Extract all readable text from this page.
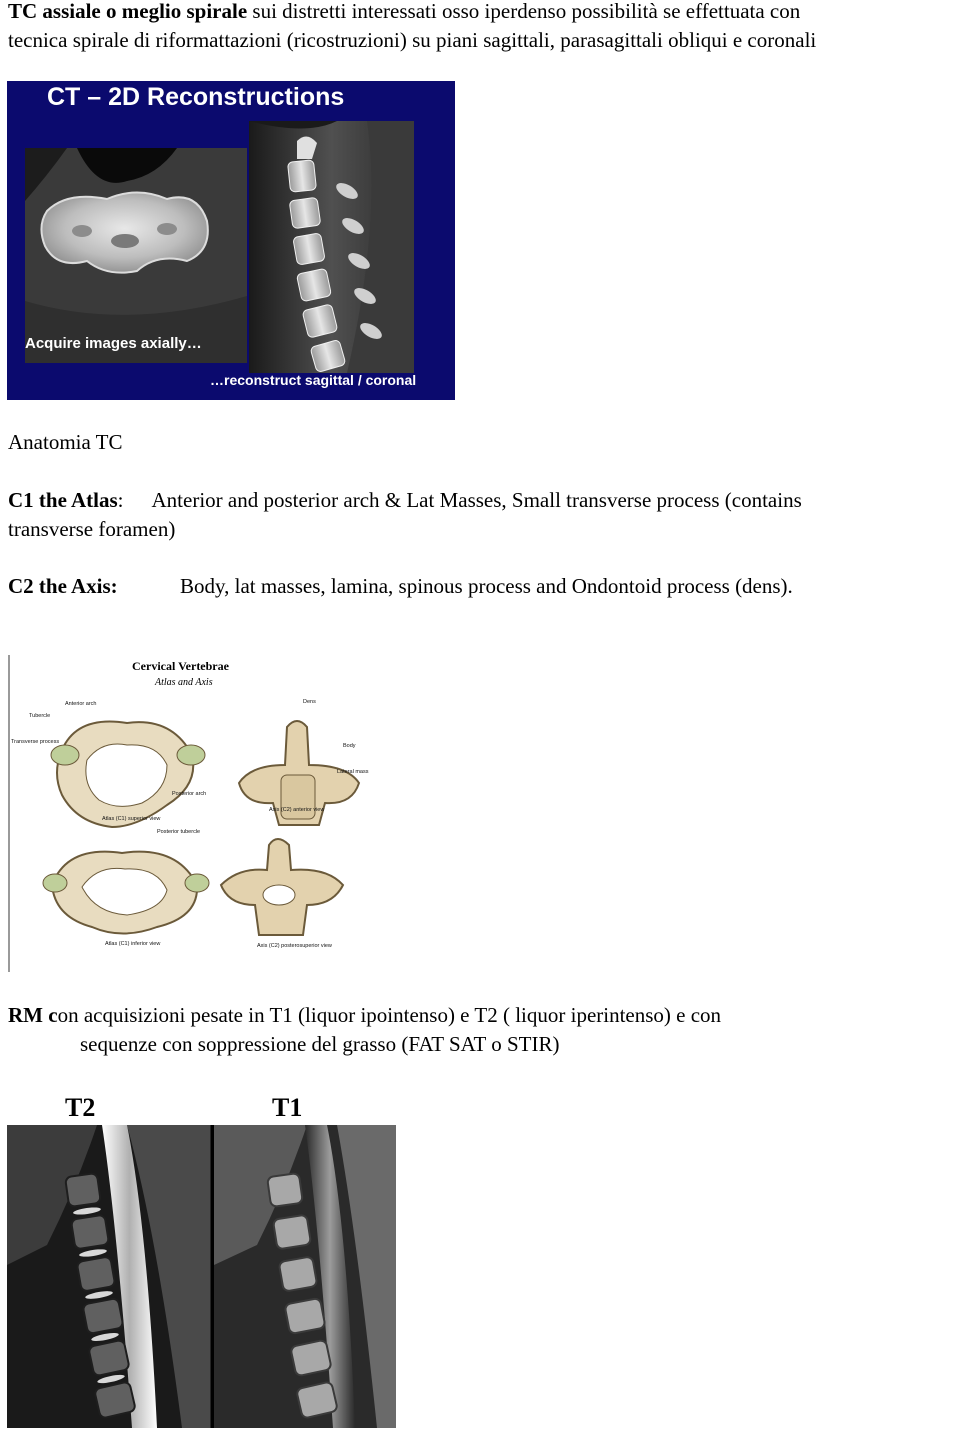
TC assiale o meglio spirale sui distretti interessati osso iperdenso possibilità se effettuata con
tecnica spirale di riformattazioni (ricostruzioni) su piani sagittali, parasagittali obliqui e coronali
CT – 2D Reconstructions
Acquire images axially…
…reconstruct sagittal / coronal
Anatomia TC
C1 the Atlas: Anterior and posterior arch & Lat Masses, Small transverse process (contains
transverse foramen)
C2 the Axis:	Body, lat masses, lamina, spinous process and Ondontoid process (dens).
Cervical Vertebrae
Atlas and Axis
Anterior arch
Tubercle
Transverse process
Atlas (C1) superior view
Posterior arch
Posterior tubercle
Dens
Body
Lateral mass
Axis (C2) anterior view
Atlas (C1) inferior view	Axis (C2) posterosuperior view
RM con acquisizioni pesate in T1 (liquor ipointenso) e T2 ( liquor iperintenso) e con
sequenze con soppressione del grasso (FAT SAT o STIR)
T2	T1
